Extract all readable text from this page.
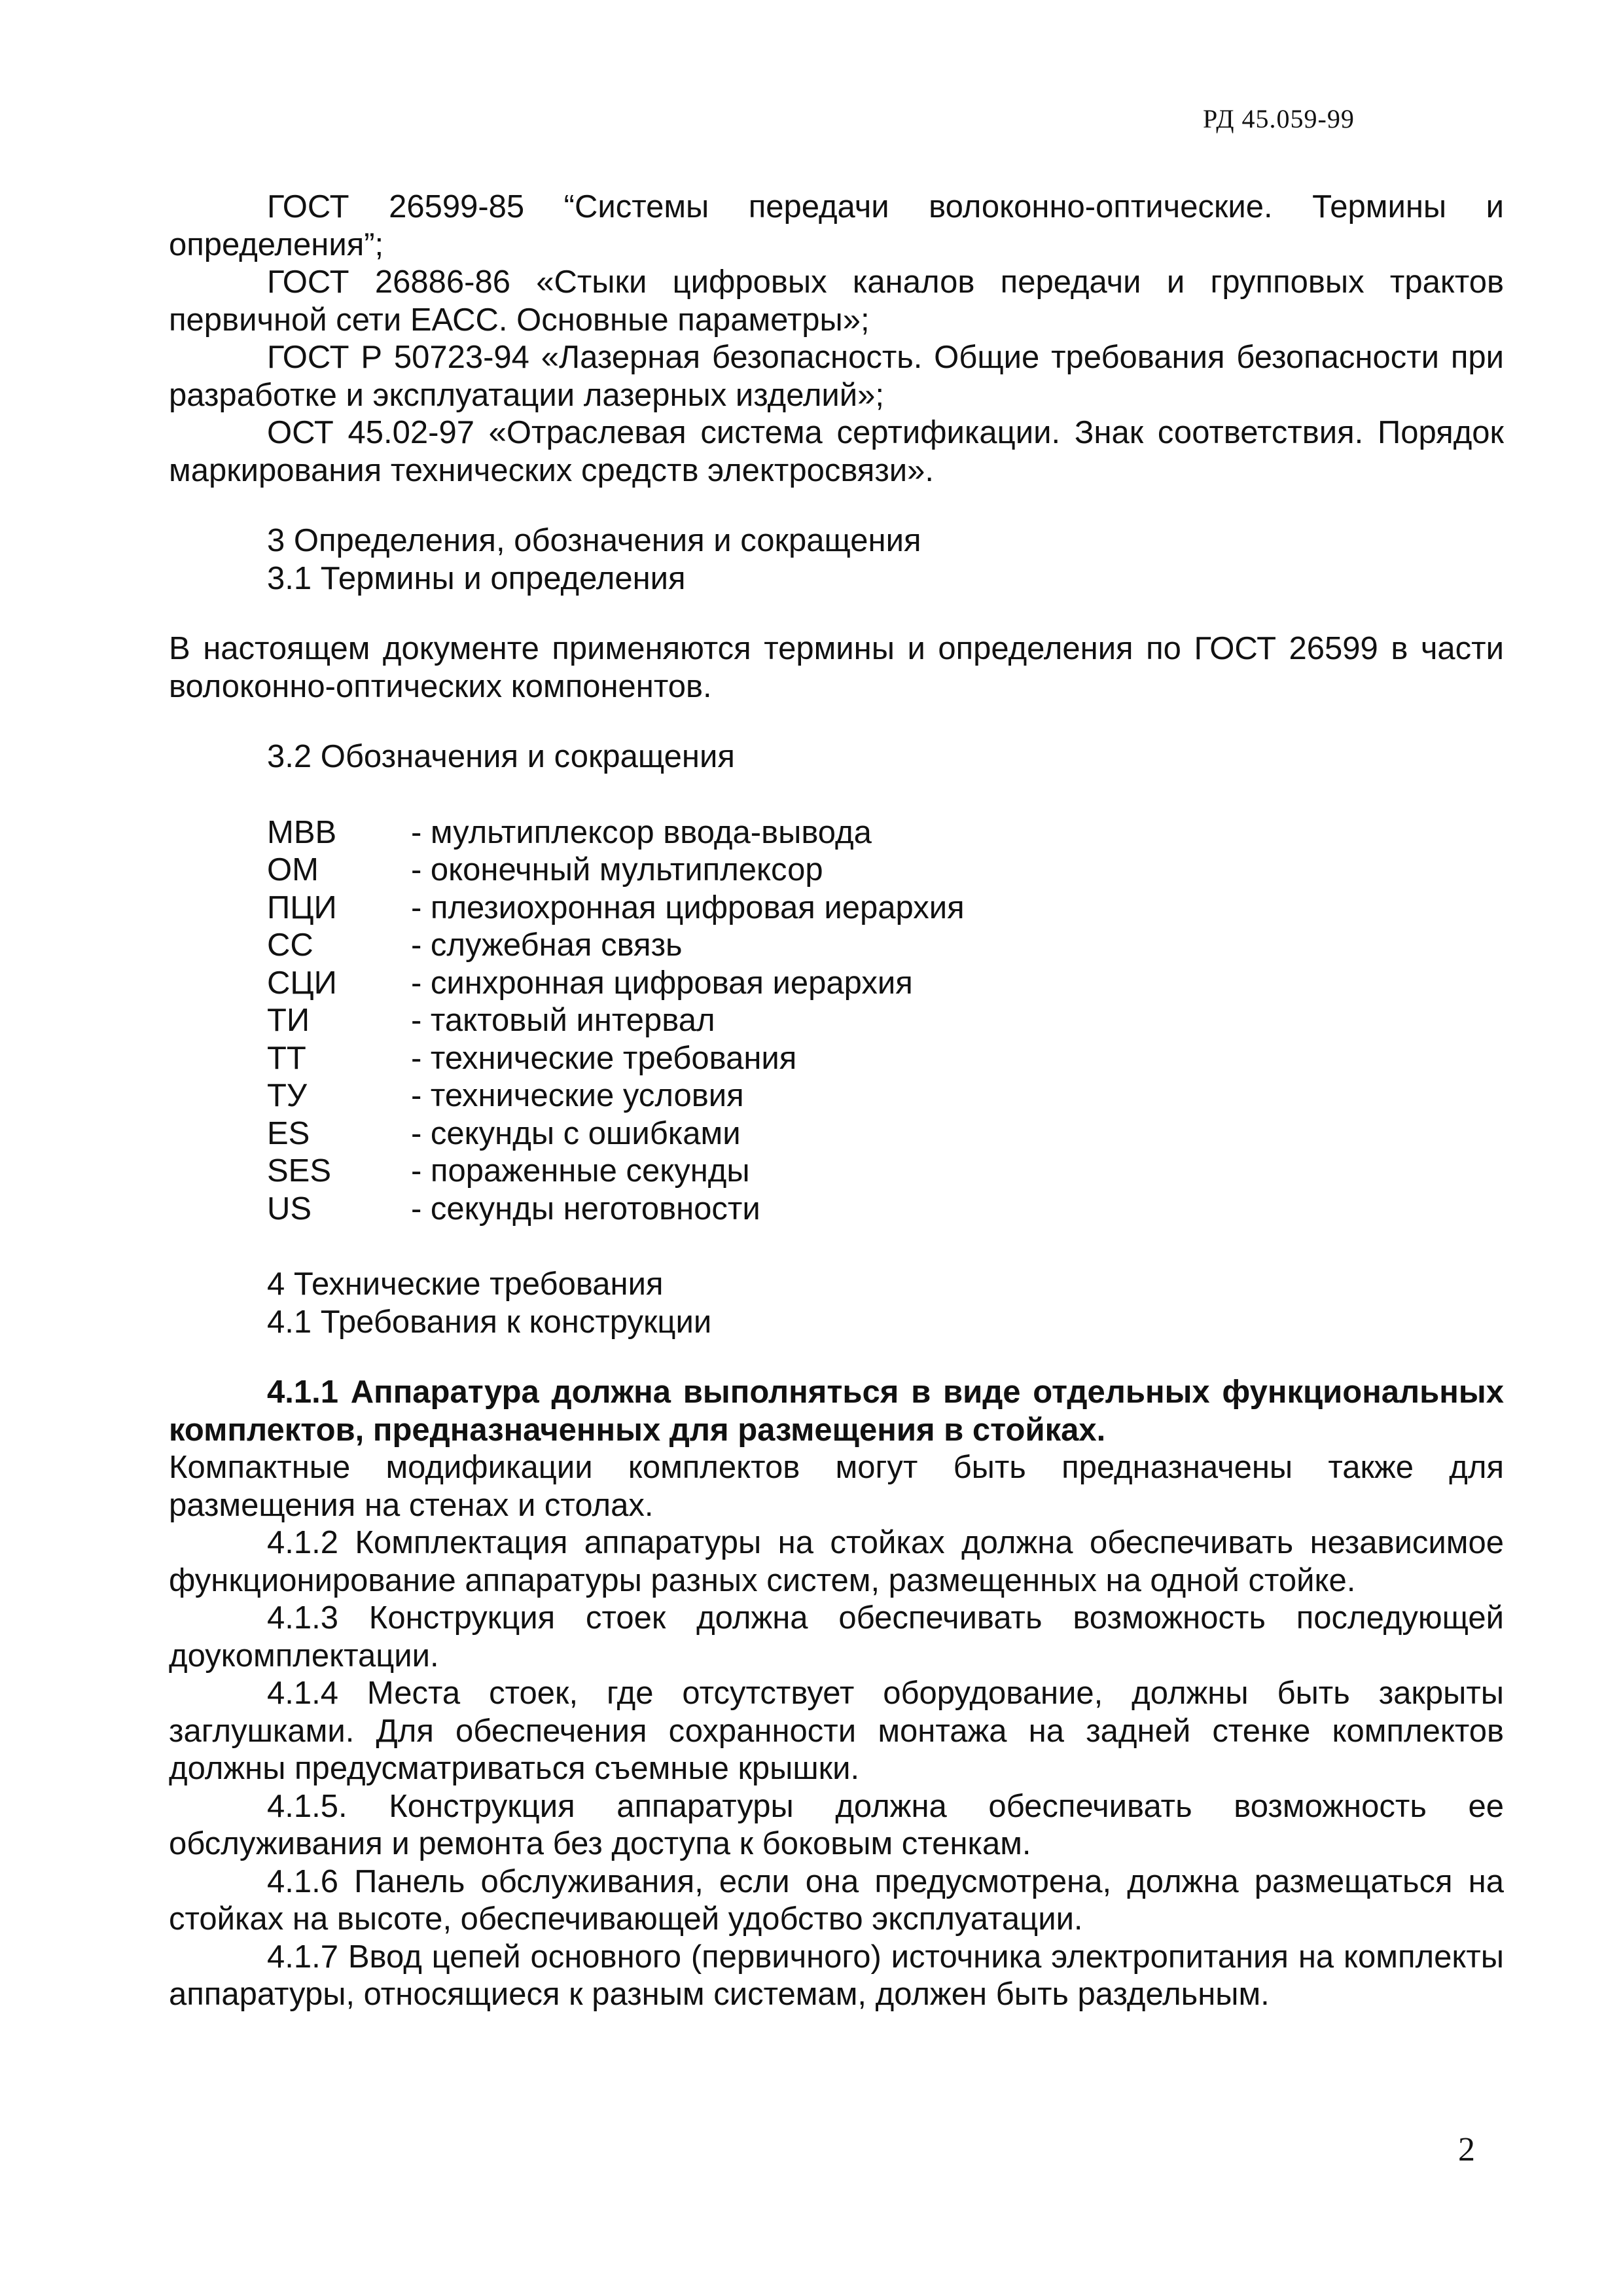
РД 45.059-99

ГОСТ 26599-85 “Системы передачи волоконно-оптические. Термины и определения”;

ГОСТ 26886-86 «Стыки цифровых каналов передачи и групповых трактов первичной сети ЕАСС. Основные параметры»;

ГОСТ Р 50723-94 «Лазерная безопасность. Общие требования безопасности при разработке и эксплуатации лазерных изделий»;

ОСТ 45.02-97 «Отраслевая система сертификации. Знак соответствия. Порядок маркирования технических средств электросвязи».

3 Определения, обозначения и сокращения

3.1 Термины и определения

В настоящем документе применяются термины и определения по ГОСТ 26599 в части волоконно-оптических компонентов.

3.2 Обозначения и сокращения

МВВ	- мультиплексор ввода-вывода
ОМ	- оконечный мультиплексор
ПЦИ	- плезиохронная цифровая иерархия
СС	- служебная связь
СЦИ	- синхронная цифровая иерархия
ТИ	- тактовый интервал
ТТ	- технические требования
ТУ	- технические условия
ES	- секунды с ошибками
SES	- пораженные секунды
US	- секунды неготовности

4 Технические требования

4.1 Требования к конструкции

4.1.1 Аппаратура должна выполняться в виде отдельных функциональных комплектов, предназначенных для размещения в стойках.

Компактные модификации комплектов могут быть предназначены также для размещения на стенах и столах.

4.1.2 Комплектация аппаратуры на стойках должна обеспечивать независимое функционирование аппаратуры разных систем, размещенных на одной стойке.

4.1.3 Конструкция стоек должна обеспечивать возможность последующей доукомплектации.

4.1.4 Места стоек, где отсутствует оборудование, должны быть закрыты заглушками. Для обеспечения сохранности монтажа на задней стенке комплектов должны предусматриваться съемные крышки.

4.1.5. Конструкция аппаратуры должна обеспечивать возможность ее обслуживания и ремонта без доступа к боковым стенкам.

4.1.6 Панель обслуживания, если она предусмотрена, должна размещаться на стойках на высоте, обеспечивающей удобство эксплуатации.

4.1.7 Ввод цепей основного (первичного) источника электропитания на комплекты аппаратуры, относящиеся к разным системам, должен быть раздельным.

2
